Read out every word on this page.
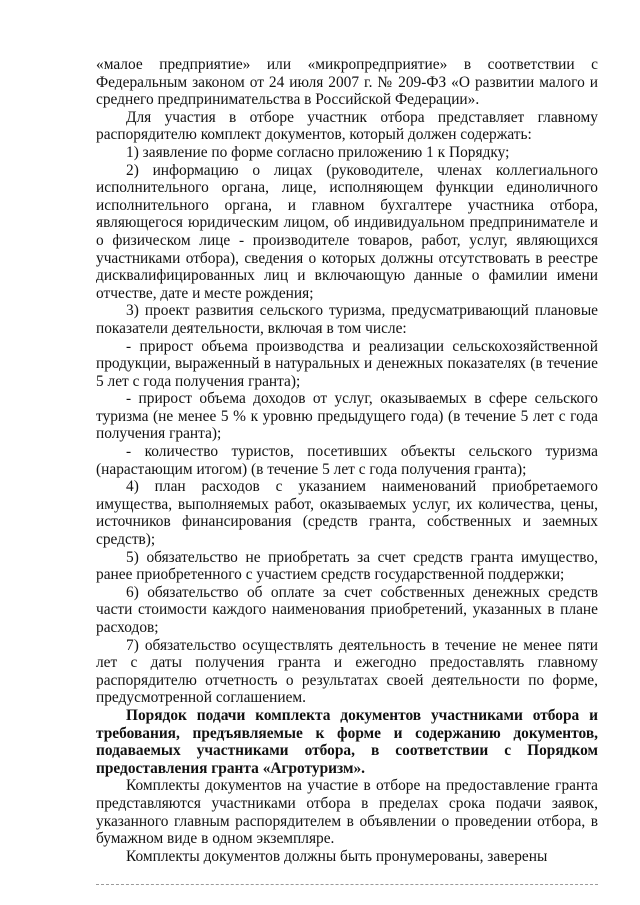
«малое предприятие» или «микропредприятие» в соответствии с Федеральным законом от 24 июля 2007 г. № 209-ФЗ «О развитии малого и среднего предпринимательства в Российской Федерации».

Для участия в отборе участник отбора представляет главному распорядителю комплект документов, который должен содержать:

1) заявление по форме согласно приложению 1 к Порядку;

2) информацию о лицах (руководителе, членах коллегиального исполнительного органа, лице, исполняющем функции единоличного исполнительного органа, и главном бухгалтере участника отбора, являющегося юридическим лицом, об индивидуальном предпринимателе и о физическом лице - производителе товаров, работ, услуг, являющихся участниками отбора), сведения о которых должны отсутствовать в реестре дисквалифицированных лиц и включающую данные о фамилии имени отчестве, дате и месте рождения;

3) проект развития сельского туризма, предусматривающий плановые показатели деятельности, включая в том числе:

- прирост объема производства и реализации сельскохозяйственной продукции, выраженный в натуральных и денежных показателях (в течение 5 лет с года получения гранта);

- прирост объема доходов от услуг, оказываемых в сфере сельского туризма (не менее 5 % к уровню предыдущего года) (в течение 5 лет с года получения гранта);

- количество туристов, посетивших объекты сельского туризма (нарастающим итогом) (в течение 5 лет с года получения гранта);

4) план расходов с указанием наименований приобретаемого имущества, выполняемых работ, оказываемых услуг, их количества, цены, источников финансирования (средств гранта, собственных и заемных средств);

5) обязательство не приобретать за счет средств гранта имущество, ранее приобретенного с участием средств государственной поддержки;

6) обязательство об оплате за счет собственных денежных средств части стоимости каждого наименования приобретений, указанных в плане расходов;

7) обязательство осуществлять деятельность в течение не менее пяти лет с даты получения гранта и ежегодно предоставлять главному распорядителю отчетность о результатах своей деятельности по форме, предусмотренной соглашением.

Порядок подачи комплекта документов участниками отбора и требования, предъявляемые к форме и содержанию документов, подаваемых участниками отбора, в соответствии с Порядком предоставления гранта «Агротуризм».

Комплекты документов на участие в отборе на предоставление гранта представляются участниками отбора в пределах срока подачи заявок, указанного главным распорядителем в объявлении о проведении отбора, в бумажном виде в одном экземпляре.

Комплекты документов должны быть пронумерованы, заверены
